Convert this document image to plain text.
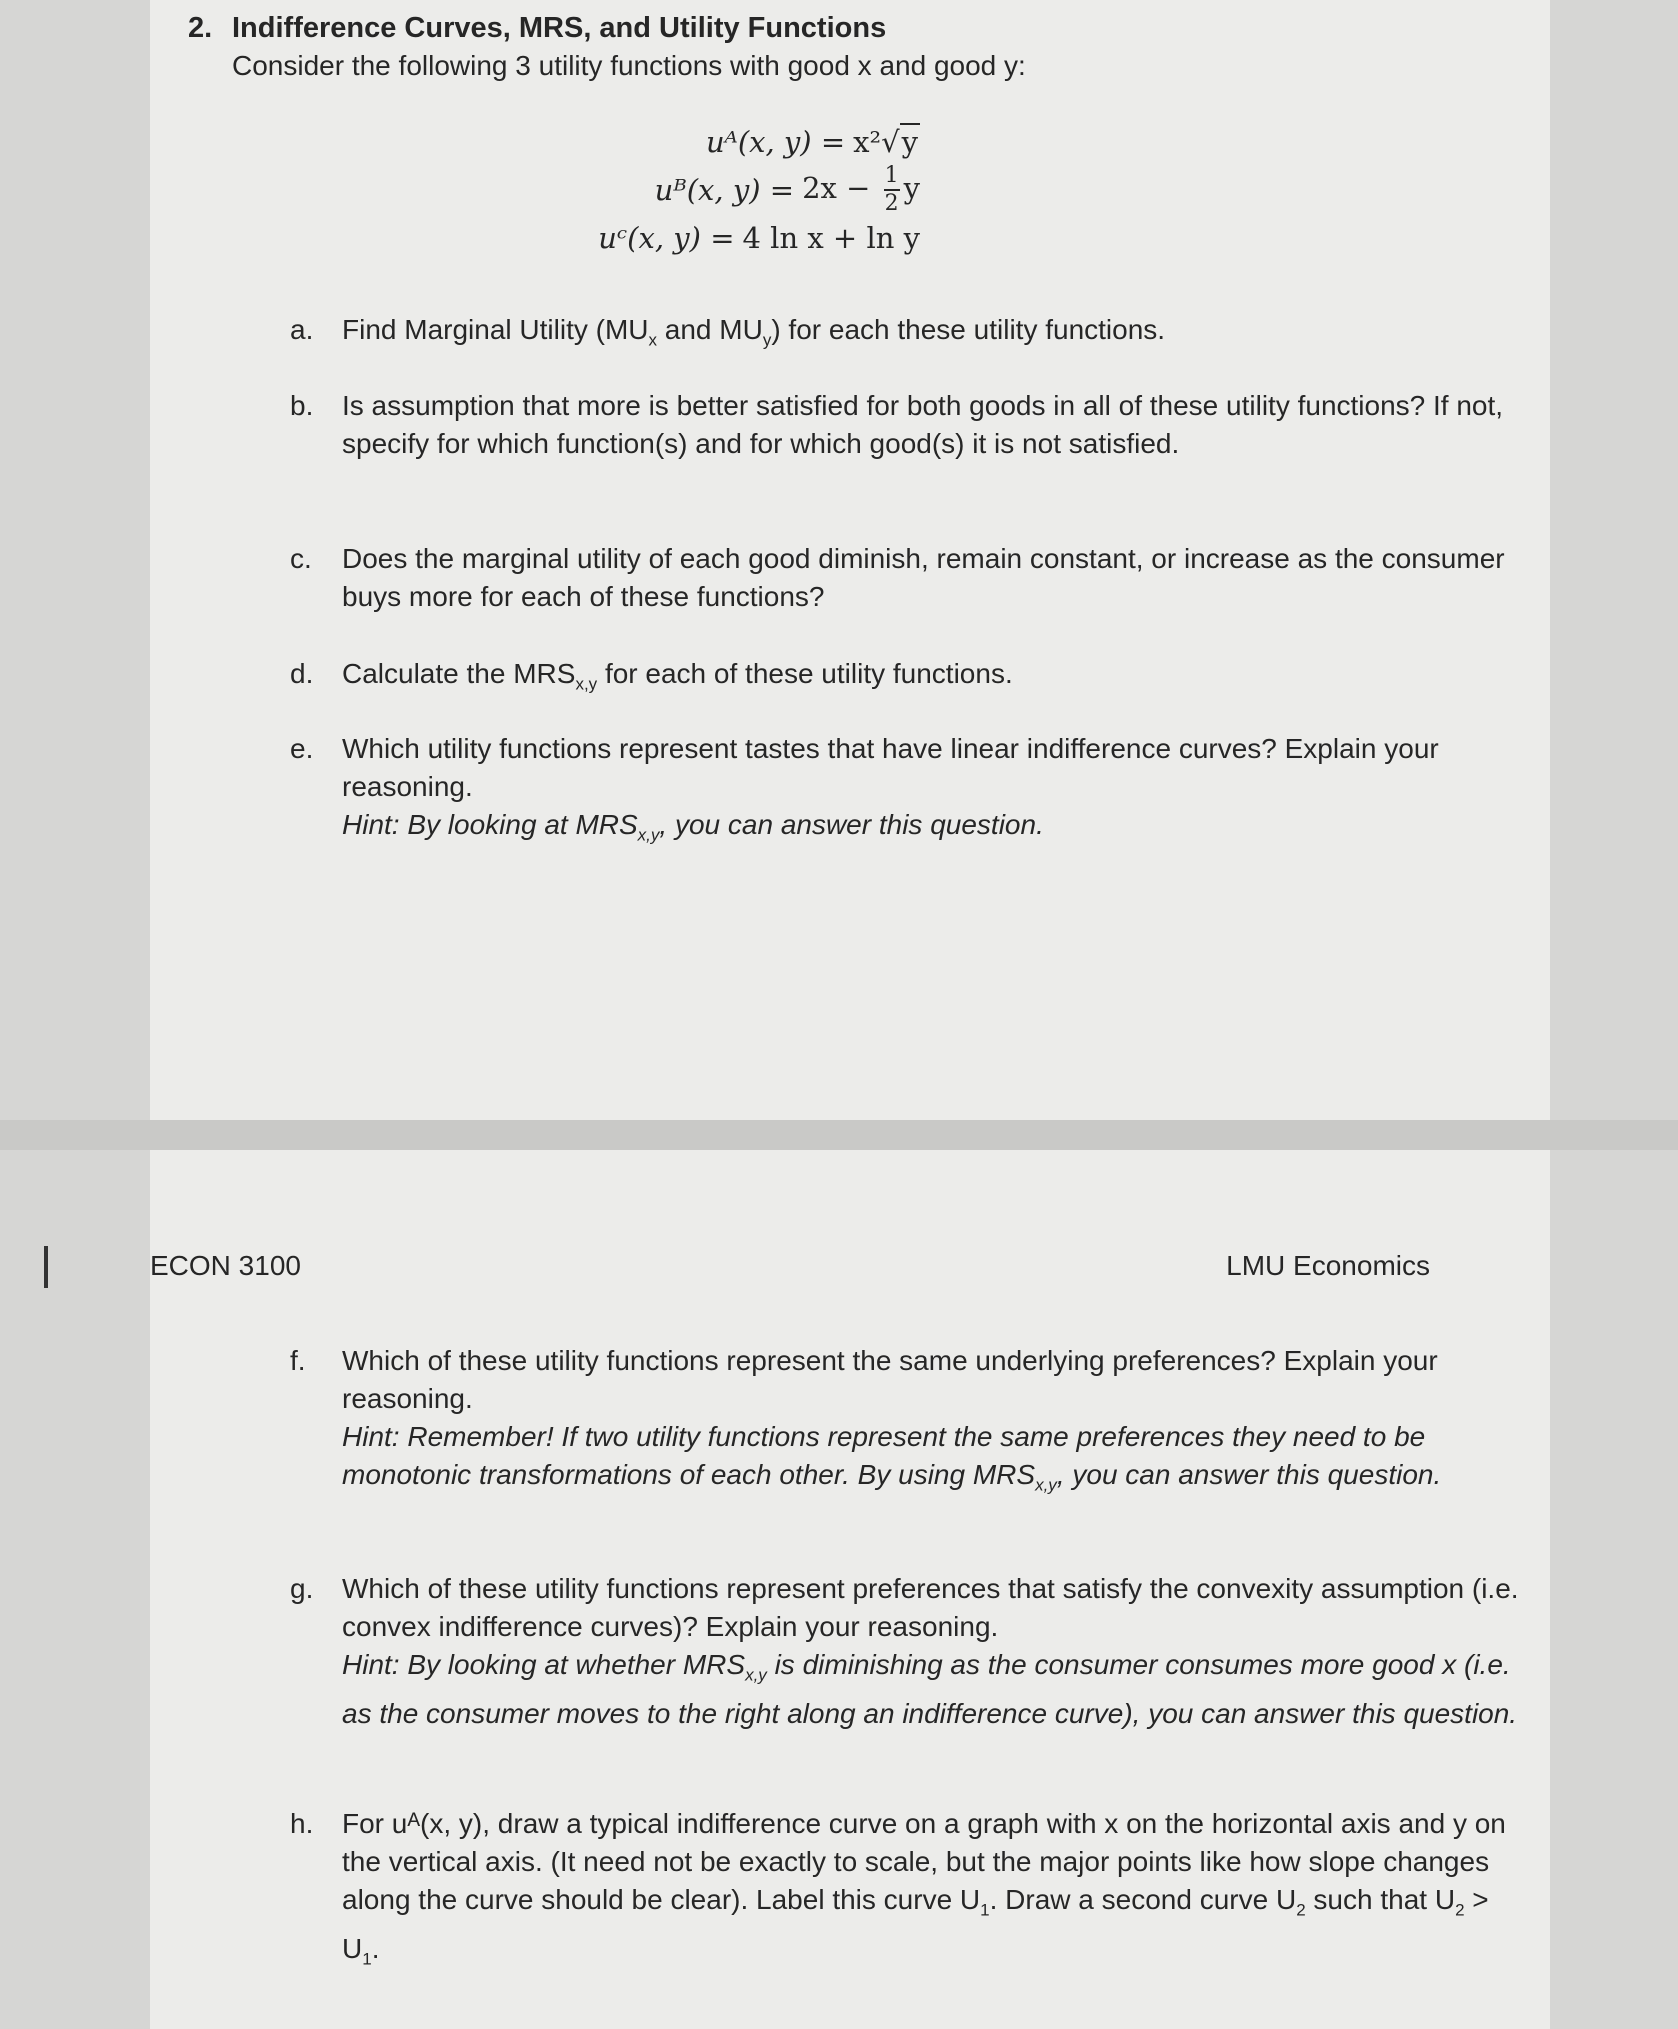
2. Indifference Curves, MRS, and Utility Functions
Consider the following 3 utility functions with good x and good y:
uᴬ(x, y) = x²√y
uᴮ(x, $y) = 2x - \frac{1}{2}$ y
uᶜ(x, y) = 4 ln x + ln y
a.	Find Marginal Utility ($MU_x$ and $MU_y$) for each these utility functions.
b.	Is assumption that more is better satisfied for both goods in all of these utility functions? If not, specify for which function(s) and for which good(s) it is not satisfied.
c.	Does the marginal utility of each good diminish, remain constant, or increase as the consumer buys more for each of these functions?
d.	Calculate the $MRS_{x,y}$ for each of these utility functions.
e.	Which utility functions represent tastes that have linear indifference curves? Explain your reasoning.
Hint: By looking at $MRS_{x,y}$, you can answer this question.
ECON 3100	LMU Economics
f.	Which of these utility functions represent the same underlying preferences? Explain your reasoning.
Hint: Remember! If two utility functions represent the same preferences they need to be monotonic transformations of each other. By using $MRS_{x,y}$, you can answer this question.
g.	Which of these utility functions represent preferences that satisfy the convexity assumption (i.e. convex indifference curves)? Explain your reasoning.
Hint: By looking at whether $MRS_{x,y}$ is diminishing as the consumer consumes more good x (i.e. as the consumer moves to the right along an indifference curve), you can answer this question.
h.	For uᴬ(x, y), draw a typical indifference curve on a graph with x on the horizontal axis and y on the vertical axis. (It need not be exactly to scale, but the major points like how slope changes along the curve should be clear). Label this curve $U_1$. Draw a second curve $U_2$ such that $U_2 > U_1$.
